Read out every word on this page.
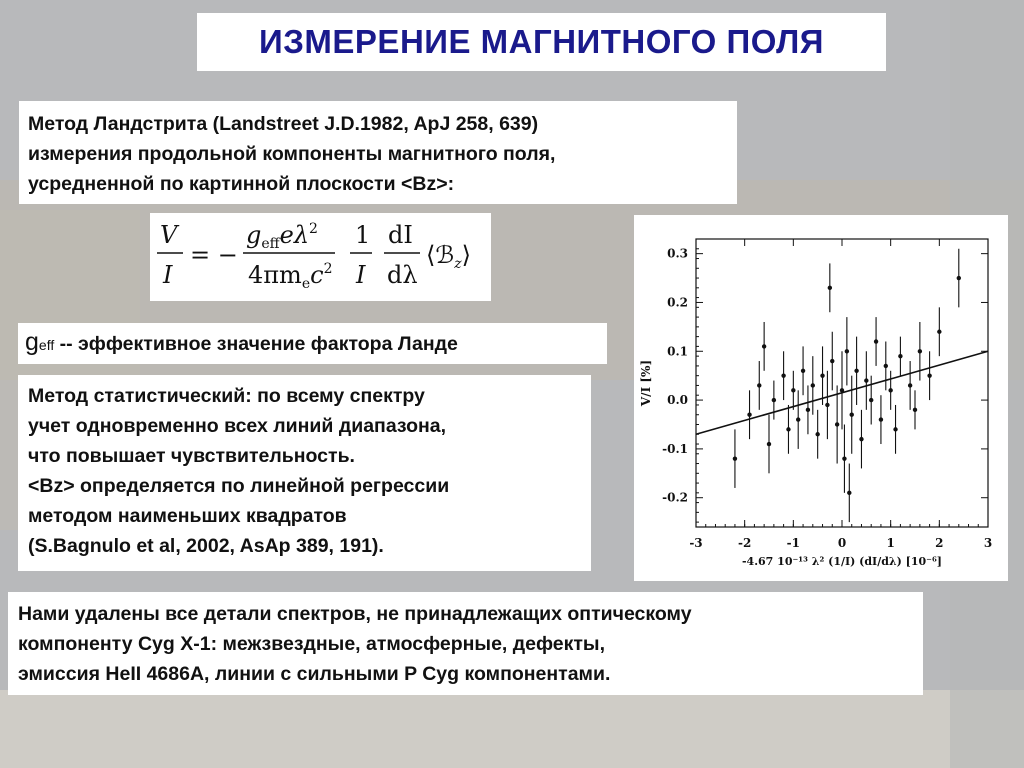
ИЗМЕРЕНИЕ МАГНИТНОГО ПОЛЯ
Метод Ландстрита (Landstreet J.D.1982, ApJ 258, 639)
измерения продольной компоненты магнитного поля,
усредненной по картинной плоскости <Bz>:
V
I
= −
$g_{eff}e\lambda^2$
$4\pi m_ec^2$
1
I
dI
dλ
⟨ℬ$_z$⟩
geff -- эффективное значение фактора Ланде
Метод статистический: по всему спектру
учет одновременно всех линий диапазона,
что повышает чувствительность.
<Bz> определяется по линейной регрессии
методом наименьших квадратов
(S.Bagnulo et al, 2002, AsAp 389, 191).	-3	-2	-1	0	1	2	3
0.3
0.2
0.1
0.0
-0.1
-0.2
-4.67 10⁻¹³ λ² (1/I) (dI/dλ) [10⁻⁶]
V/I [%]
Нами удалены все детали спектров, не принадлежащих оптическому
компоненту Cyg X-1: межзвездные, атмосферные, дефекты,
эмиссия HeII 4686A, линии с сильными P Cyg компонентами.
